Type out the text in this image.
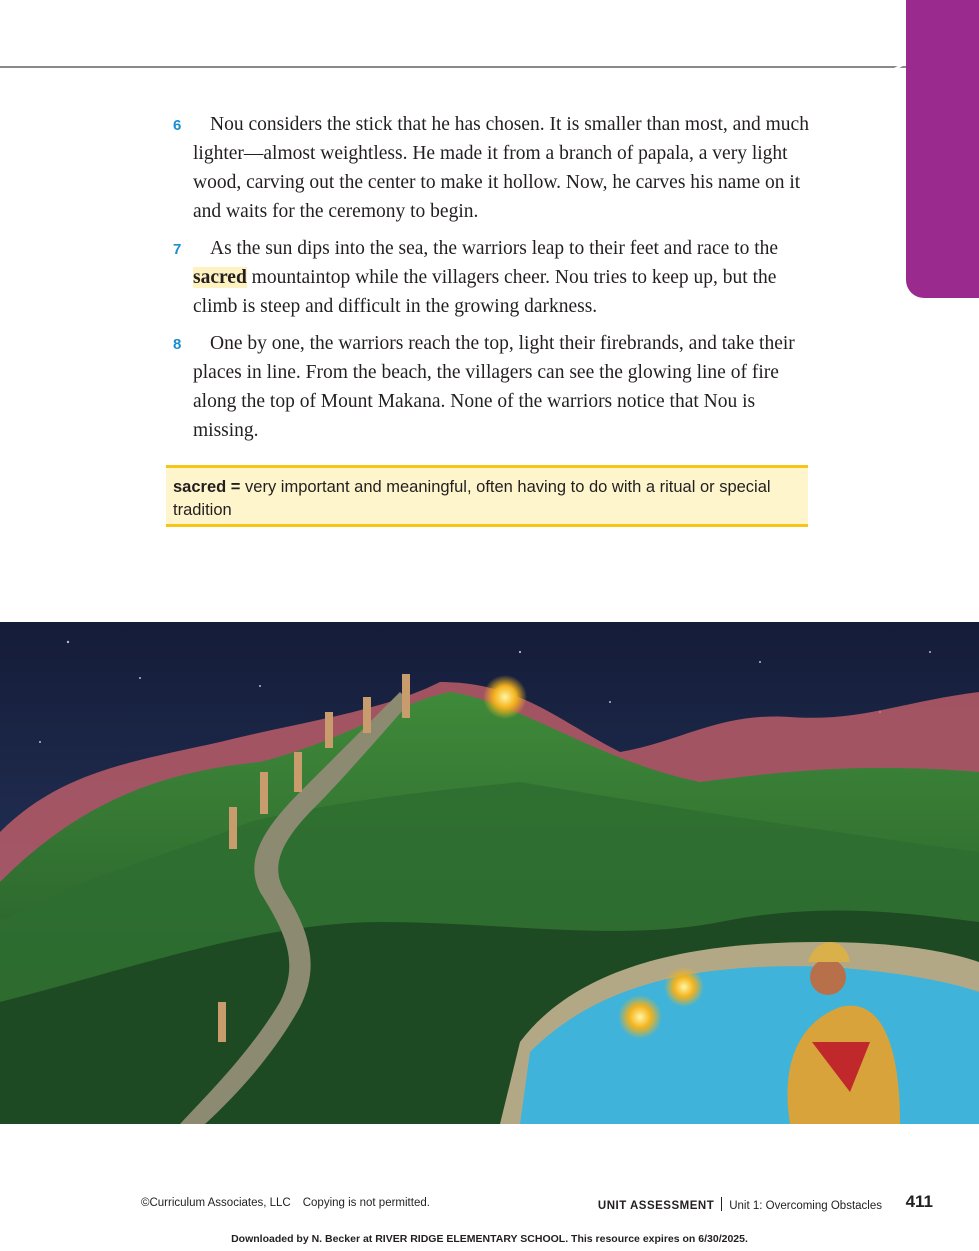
UNIT 1 • ASSESSMENT
6 Nou considers the stick that he has chosen. It is smaller than most, and much lighter—almost weightless. He made it from a branch of papala, a very light wood, carving out the center to make it hollow. Now, he carves his name on it and waits for the ceremony to begin.
7 As the sun dips into the sea, the warriors leap to their feet and race to the sacred mountaintop while the villagers cheer. Nou tries to keep up, but the climb is steep and difficult in the growing darkness.
8 One by one, the warriors reach the top, light their firebrands, and take their places in line. From the beach, the villagers can see the glowing line of fire along the top of Mount Makana. None of the warriors notice that Nou is missing.
sacred = very important and meaningful, often having to do with a ritual or special tradition
©Curriculum Associates, LLC Copying is not permitted.	UNIT ASSESSMENT Unit 1: Overcoming Obstacles 411
Downloaded by N. Becker at RIVER RIDGE ELEMENTARY SCHOOL. This resource expires on 6/30/2025.
